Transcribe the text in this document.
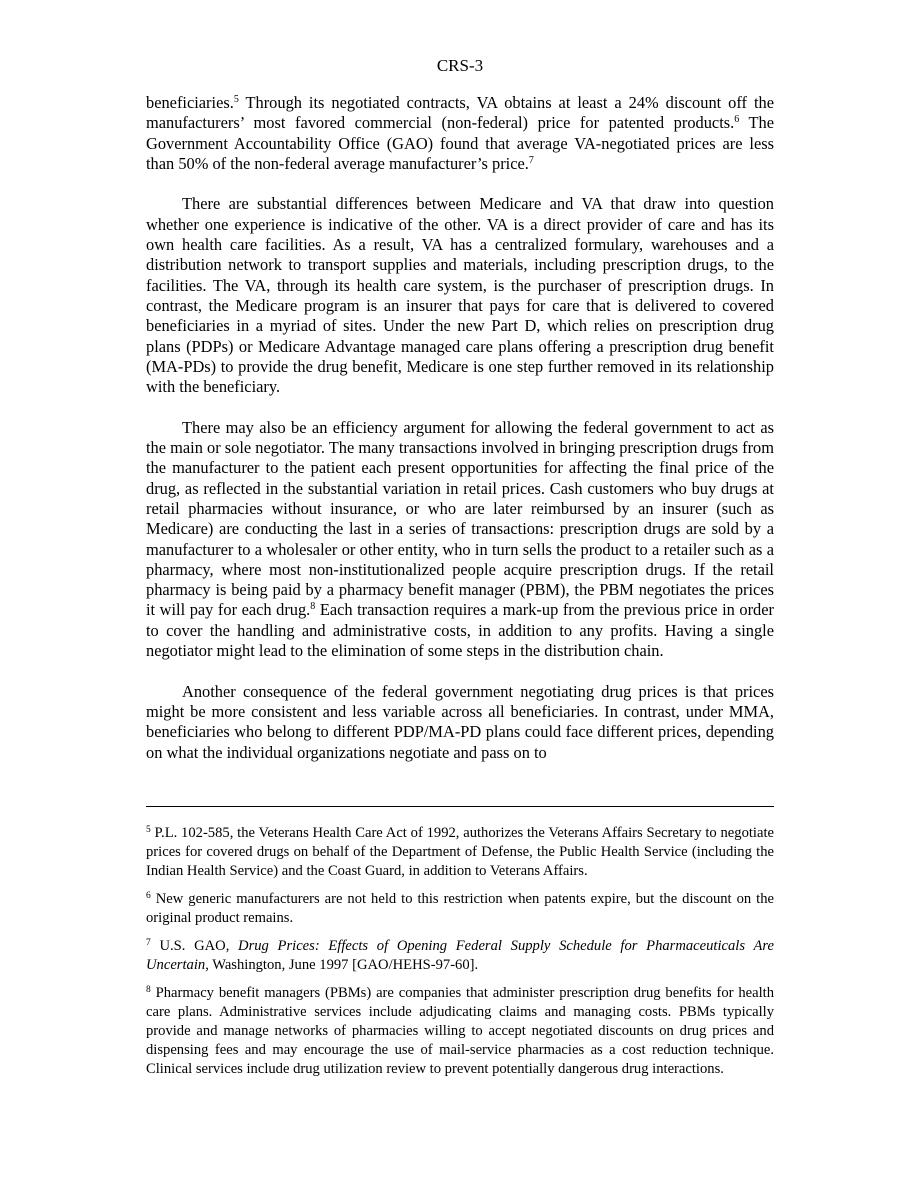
CRS-3

beneficiaries.$^5$ Through its negotiated contracts, VA obtains at least a 24% discount off the manufacturers’ most favored commercial (non-federal) price for patented products.$^6$ The Government Accountability Office (GAO) found that average VA-negotiated prices are less than 50% of the non-federal average manufacturer’s price.$^7$

There are substantial differences between Medicare and VA that draw into question whether one experience is indicative of the other. VA is a direct provider of care and has its own health care facilities. As a result, VA has a centralized formulary, warehouses and a distribution network to transport supplies and materials, including prescription drugs, to the facilities. The VA, through its health care system, is the purchaser of prescription drugs. In contrast, the Medicare program is an insurer that pays for care that is delivered to covered beneficiaries in a myriad of sites. Under the new Part D, which relies on prescription drug plans (PDPs) or Medicare Advantage managed care plans offering a prescription drug benefit (MA-PDs) to provide the drug benefit, Medicare is one step further removed in its relationship with the beneficiary.

There may also be an efficiency argument for allowing the federal government to act as the main or sole negotiator. The many transactions involved in bringing prescription drugs from the manufacturer to the patient each present opportunities for affecting the final price of the drug, as reflected in the substantial variation in retail prices. Cash customers who buy drugs at retail pharmacies without insurance, or who are later reimbursed by an insurer (such as Medicare) are conducting the last in a series of transactions: prescription drugs are sold by a manufacturer to a wholesaler or other entity, who in turn sells the product to a retailer such as a pharmacy, where most non-institutionalized people acquire prescription drugs. If the retail pharmacy is being paid by a pharmacy benefit manager (PBM), the PBM negotiates the prices it will pay for each drug.$^8$ Each transaction requires a mark-up from the previous price in order to cover the handling and administrative costs, in addition to any profits. Having a single negotiator might lead to the elimination of some steps in the distribution chain.

Another consequence of the federal government negotiating drug prices is that prices might be more consistent and less variable across all beneficiaries. In contrast, under MMA, beneficiaries who belong to different PDP/MA-PD plans could face different prices, depending on what the individual organizations negotiate and pass on to

$^5$ P.L. 102-585, the Veterans Health Care Act of 1992, authorizes the Veterans Affairs Secretary to negotiate prices for covered drugs on behalf of the Department of Defense, the Public Health Service (including the Indian Health Service) and the Coast Guard, in addition to Veterans Affairs.

$^6$ New generic manufacturers are not held to this restriction when patents expire, but the discount on the original product remains.

$^7$ U.S. GAO, Drug Prices: Effects of Opening Federal Supply Schedule for Pharmaceuticals Are Uncertain, Washington, June 1997 [GAO/HEHS-97-60].

$^8$ Pharmacy benefit managers (PBMs) are companies that administer prescription drug benefits for health care plans. Administrative services include adjudicating claims and managing costs. PBMs typically provide and manage networks of pharmacies willing to accept negotiated discounts on drug prices and dispensing fees and may encourage the use of mail-service pharmacies as a cost reduction technique. Clinical services include drug utilization review to prevent potentially dangerous drug interactions.
